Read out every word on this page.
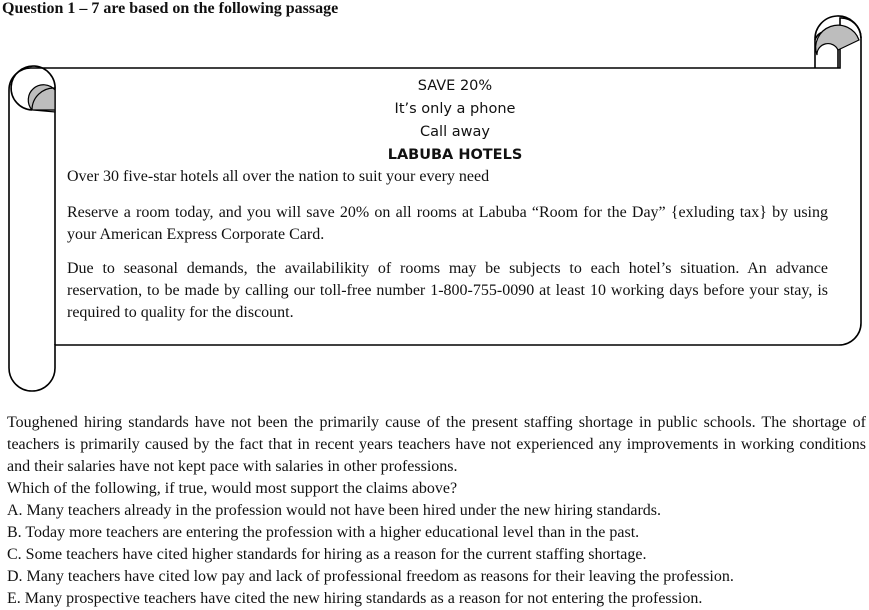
Question 1 – 7 are based on the following passage
SAVE 20%
It’s only a phone
Call away
LABUBA HOTELS
Over 30 five-star hotels all over the nation to suit your every need
Reserve a room today, and you will save 20% on all rooms at Labuba “Room for the Day” {exluding tax} by using your American Express Corporate Card.
Due to seasonal demands, the availabilikity of rooms may be subjects to each hotel’s situation. An advance reservation, to be made by calling our toll-free number 1-800-755-0090 at least 10 working days before your stay, is required to quality for the discount.
Toughened hiring standards have not been the primarily cause of the present staffing shortage in public schools. The shortage of teachers is primarily caused by the fact that in recent years teachers have not experienced any improvements in working conditions and their salaries have not kept pace with salaries in other professions.
Which of the following, if true, would most support the claims above?
A. Many teachers already in the profession would not have been hired under the new hiring standards.
B. Today more teachers are entering the profession with a higher educational level than in the past.
C. Some teachers have cited higher standards for hiring as a reason for the current staffing shortage.
D. Many teachers have cited low pay and lack of professional freedom as reasons for their leaving the profession.
E. Many prospective teachers have cited the new hiring standards as a reason for not entering the profession.
